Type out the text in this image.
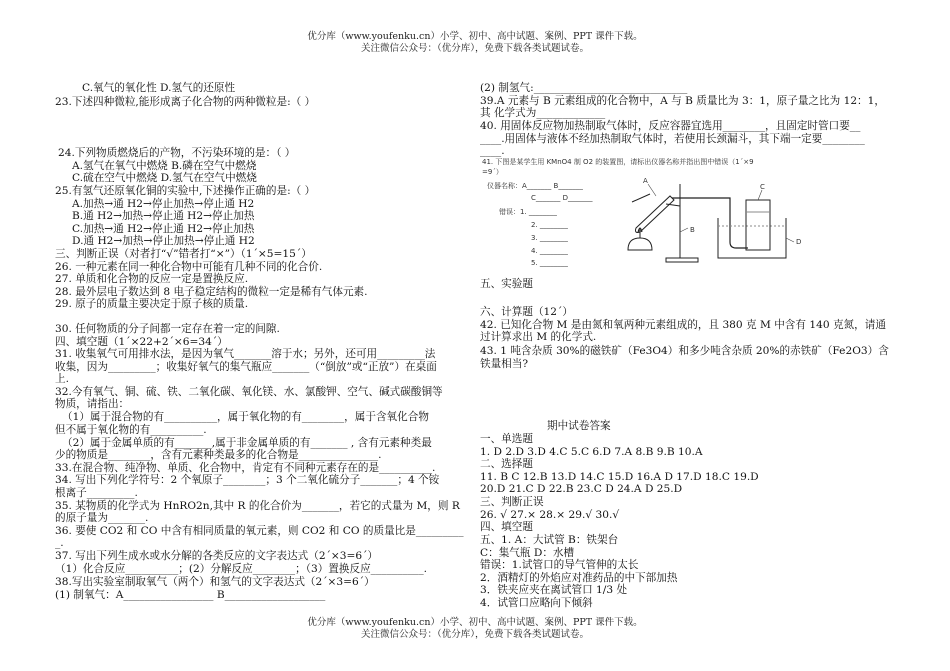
优分库（www.youfenku.cn）小学、初中、高中试题、案例、PPT 课件下载。
关注微信公众号：（优分库），免费下载各类试题试卷。
C.氧气的氧化性 D.氢气的还原性
23.下述四种微粒,能形成离子化合物的两种微粒是:（ ）
24.下列物质燃烧后的产物，不污染环境的是：（ ）
A.氢气在氧气中燃烧 B.磷在空气中燃烧
C.硫在空气中燃烧 D.氢气在空气中燃烧
25.有氢气还原氧化铜的实验中,下述操作正确的是:（ ）
A.加热→通 H2→停止加热→停止通 H2
B.通 H2→加热→停止通 H2→停止加热
C.加热→通 H2→停止通 H2→停止加热
D.通 H2→加热→停止加热→停止通 H2
三、判断正误（对者打“√”错者打“×”）（1´×5=15´）
26. 一种元素在同一种化合物中可能有几种不同的化合价.
27. 单质和化合物的反应一定是置换反应.
28. 最外层电子数达到 8 电子稳定结构的微粒一定是稀有气体元素.
29. 原子的质量主要决定于原子核的质量.
30. 任何物质的分子间都一定存在着一定的间隙.
四、填空题（1´×22+2´×6=34´）
31. 收集氧气可用排水法，是因为氧气_______溶于水；另外，还可用_________法
收集，因为_________；收集好氧气的集气瓶应_______（“倒放”或“正放”）在桌面
上.
32.今有氧气、铜、硫、铁、二氧化碳、氧化镁、水、氯酸钾、空气、碱式碳酸铜等
物质，请指出：
（1）属于混合物的有__________，属于氧化物的有________，属于含氧化合物
但不属于氧化物的有__________.
（2）属于金属单质的有_______,属于非金属单质的有_______ , 含有元素种类最
少的物质是________，含有元素种类最多的化合物是_______________.
33.在混合物、纯净物、单质、化合物中，肯定有不同种元素存在的是__________.
34. 写出下列化学符号：2 个氧原子________；3 个二氧化硫分子_______；4 个铵
根离子_________.
35. 某物质的化学式为 HnRO2n,其中 R 的化合价为_______，若它的式量为 M，则 R
的原子量为_______.
36. 要使 CO2 和 CO 中含有相同质量的氧元素，则 CO2 和 CO 的质量比是_________
_.
37. 写出下列生成水或水分解的各类反应的文字表达式（2´×3=6´）
（1）化合反应__________；(2）分解反应________；（3）置换反应__________.
38.写出实验室制取氧气（两个）和氢气的文字表达式（2´×3=6´）
(1) 制氧气：A_________________ B___________________
(2) 制氢气:_____________________________
39.A 元素与 B 元素组成的化合物中，A 与 B 质量比为 3：1，原子量之比为 12：1，
其 化学式为_____________
40. 用固体反应物加热制取气体时，反应容器宜选用________，且固定时管口要__
____.用固体与液体不经加热制取气体时，若使用长颈漏斗，其下端一定要________
____.
41. 下图是某学生用 KMnO4 制 O2 的装置图，请标出仪器名称并指出图中错误（1´×9
=9´）
仪器名称：A_______ B_______
C_______ D_______
错误：1. ________
2. ________
3. ________
4. ________
5. ________
A
B
C
D
五、实验题
六、计算题（12´）
42. 已知化合物 M 是由氮和氧两种元素组成的，且 380 克 M 中含有 140 克氮，请通
过计算求出 M 的化学式.
43. 1 吨含杂质 30%的磁铁矿（Fe3O4）和多少吨含杂质 20%的赤铁矿（Fe2O3）含
铁量相当?
期中试卷答案
一、单选题
1. D 2.D 3.D 4.C 5.C 6.D 7.A 8.B 9.B 10.A
二、选择题
11. B C 12.B 13.D 14.C 15.D 16.A D 17.D 18.C 19.D
20.D 21.C D 22.B 23.C D 24.A D 25.D
三、判断正误
26. √ 27.× 28.× 29.√ 30.√
四、填空题
五、1. A：大试管 B：铁架台
C：集气瓶 D：水槽
错误：1.试管口的导气管伸的太长
2．酒精灯的外焰应对准药品的中下部加热
3．铁夹应夹在离试管口 1/3 处
4．试管口应略向下倾斜
优分库（www.youfenku.cn）小学、初中、高中试题、案例、PPT 课件下载。
关注微信公众号：（优分库），免费下载各类试题试卷。
